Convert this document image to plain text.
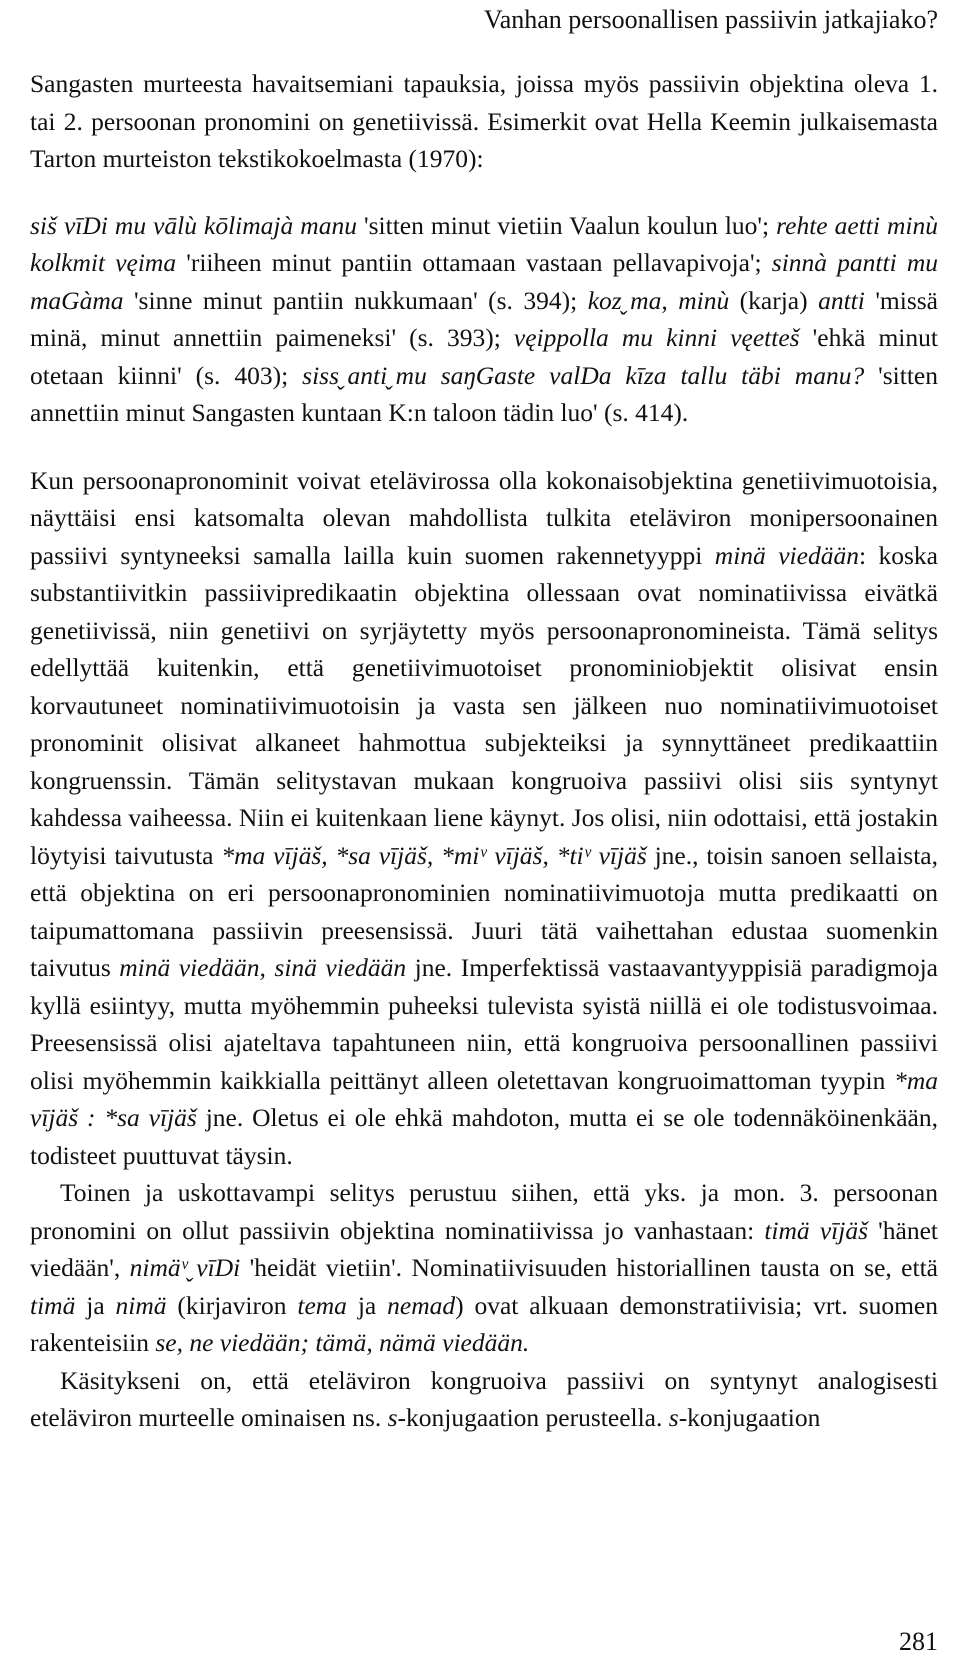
Vanhan persoonallisen passiivin jatkajiako?

Sangasten murteesta havaitsemiani tapauksia, joissa myös passiivin objektina oleva 1. tai 2. persoonan pronomini on genetiivissä. Esimerkit ovat Hella Keemin julkaisemasta Tarton murteiston tekstikokoelmasta (1970):

siš vīDi mu vālù kōlimajà manu 'sitten minut vietiin Vaalun koulun luo'; rehte aetti minù kolkmit vęima 'riiheen minut pantiin ottamaan vastaan pellavapivoja'; sinnà pantti mu maGàma 'sinne minut pantiin nukkumaan' (s. 394); kozˬma, minù (karja) antti 'missä minä, minut annettiin paimeneksi' (s. 393); vęippolla mu kinni vęetteš 'ehkä minut otetaan kiinni' (s. 403); sissˬantiˬmu saŋGaste valDa kīza tallu täbi manu? 'sitten annettiin minut Sangasten kuntaan K:n taloon tädin luo' (s. 414).

Kun persoonapronominit voivat etelävirossa olla kokonaisobjektina genetiivimuotoisia, näyttäisi ensi katsomalta olevan mahdollista tulkita eteläviron monipersoonainen passiivi syntyneeksi samalla lailla kuin suomen rakennetyyppi minä viedään: koska substantiivitkin passiivipredikaatin objektina ollessaan ovat nominatiivissa eivätkä genetiivissä, niin genetiivi on syrjäytetty myös persoonapronomineista. Tämä selitys edellyttää kuitenkin, että genetiivimuotoiset pronominiobjektit olisivat ensin korvautuneet nominatiivimuotoisin ja vasta sen jälkeen nuo nominatiivimuotoiset pronominit olisivat alkaneet hahmottua subjekteiksi ja synnyttäneet predikaattiin kongruenssin. Tämän selitystavan mukaan kongruoiva passiivi olisi siis syntynyt kahdessa vaiheessa. Niin ei kuitenkaan liene käynyt. Jos olisi, niin odottaisi, että jostakin löytyisi taivutusta *ma vījäš, *sa vījäš, *miᵛ vījäš, *tiᵛ vījäš jne., toisin sanoen sellaista, että objektina on eri persoonapronominien nominatiivimuotoja mutta predikaatti on taipumattomana passiivin preesensissä. Juuri tätä vaihettahan edustaa suomenkin taivutus minä viedään, sinä viedään jne. Imperfektissä vastaavantyyppisiä paradigmoja kyllä esiintyy, mutta myöhemmin puheeksi tulevista syistä niillä ei ole todistusvoimaa. Preesensissä olisi ajateltava tapahtuneen niin, että kongruoiva persoonallinen passiivi olisi myöhemmin kaikkialla peittänyt alleen oletettavan kongruoimattoman tyypin *ma vījäš : *sa vījäš jne. Oletus ei ole ehkä mahdoton, mutta ei se ole todennäköinenkään, todisteet puuttuvat täysin.

Toinen ja uskottavampi selitys perustuu siihen, että yks. ja mon. 3. persoonan pronomini on ollut passiivin objektina nominatiivissa jo vanhastaan: timä vījäš 'hänet viedään', nimäᵛˬvīDi 'heidät vietiin'. Nominatiivisuuden historiallinen tausta on se, että timä ja nimä (kirjaviron tema ja nemad) ovat alkuaan demonstratiivisia; vrt. suomen rakenteisiin se, ne viedään; tämä, nämä viedään.

Käsitykseni on, että eteläviron kongruoiva passiivi on syntynyt analogisesti eteläviron murteelle ominaisen ns. s-konjugaation perusteella. s-konjugaation

281
